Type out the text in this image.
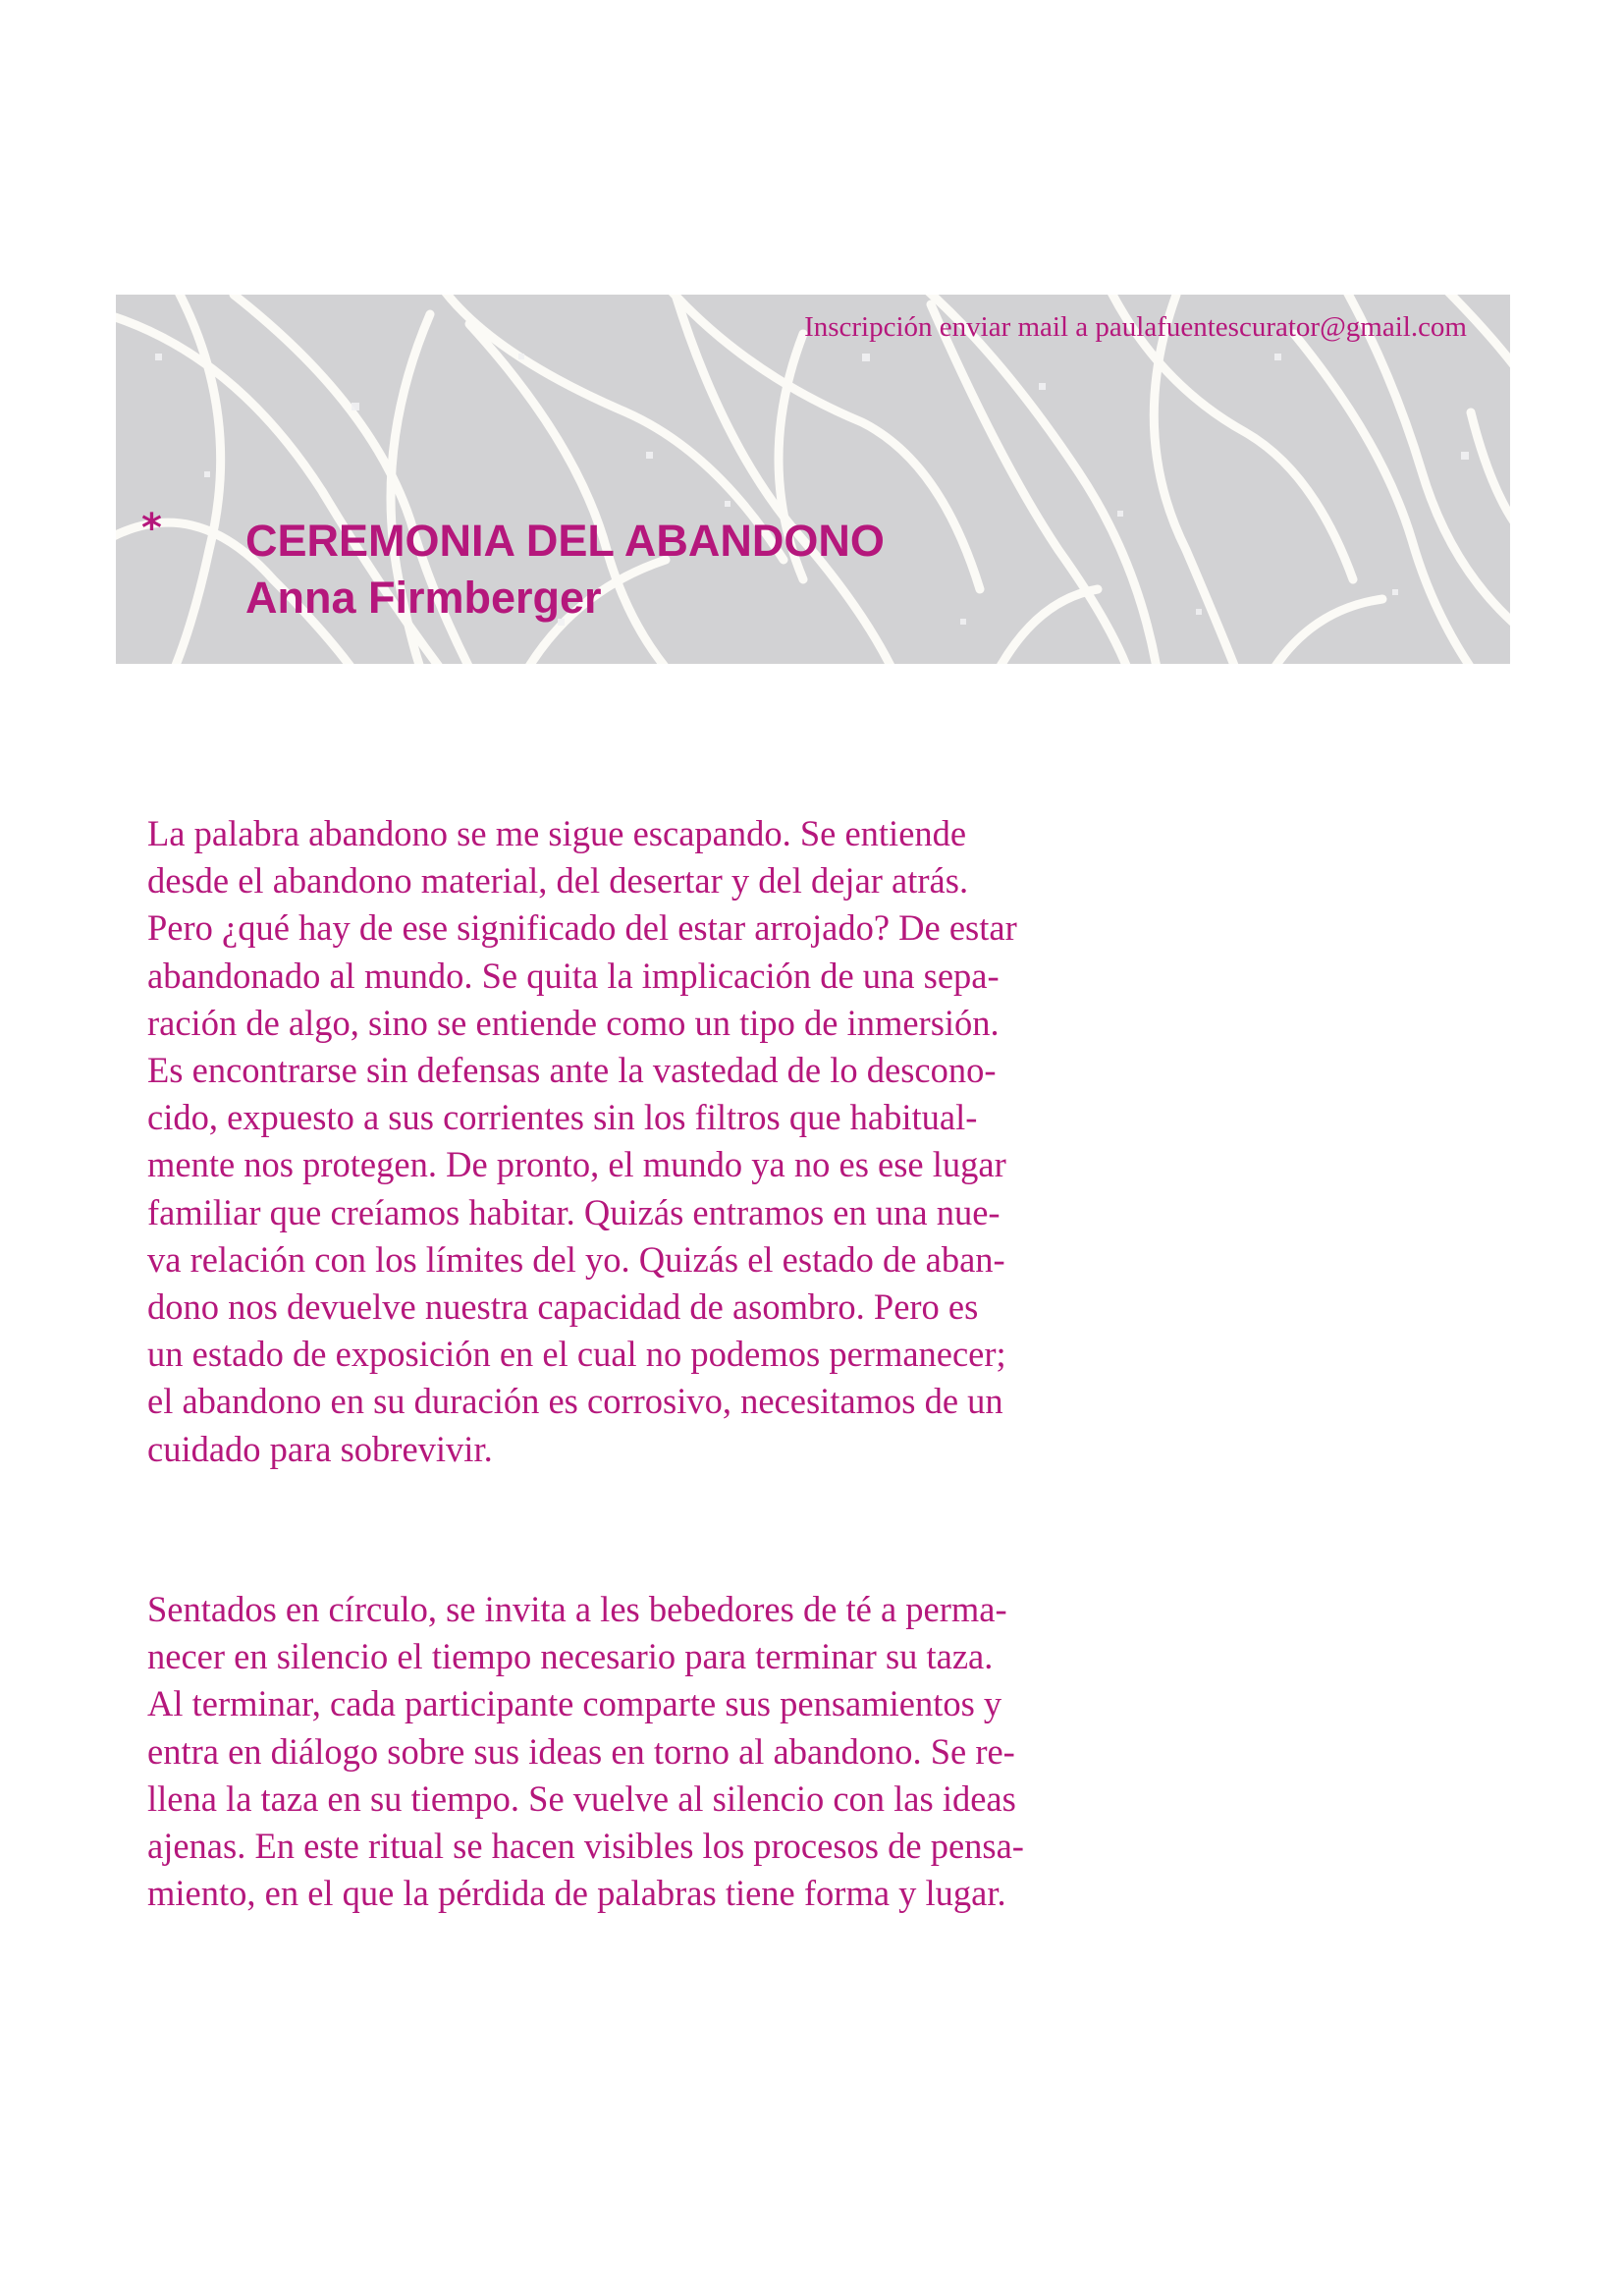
Inscripción enviar mail a paulafuentescurator@gmail.com
* CEREMONIA DEL ABANDONO
Anna Firmberger
La palabra abandono se me sigue escapando. Se entiende
desde el abandono material, del desertar y del dejar atrás.
Pero ¿qué hay de ese significado del estar arrojado? De estar
abandonado al mundo. Se quita la implicación de una sepa-
ración de algo, sino se entiende como un tipo de inmersión.
Es encontrarse sin defensas ante la vastedad de lo descono-
cido, expuesto a sus corrientes sin los filtros que habitual-
mente nos protegen. De pronto, el mundo ya no es ese lugar
familiar que creíamos habitar. Quizás entramos en una nue-
va relación con los límites del yo. Quizás el estado de aban-
dono nos devuelve nuestra capacidad de asombro. Pero es
un estado de exposición en el cual no podemos permanecer;
el abandono en su duración es corrosivo, necesitamos de un
cuidado para sobrevivir.
Sentados en círculo, se invita a les bebedores de té a perma-
necer en silencio el tiempo necesario para terminar su taza.
Al terminar, cada participante comparte sus pensamientos y
entra en diálogo sobre sus ideas en torno al abandono. Se re-
llena la taza en su tiempo. Se vuelve al silencio con las ideas
ajenas. En este ritual se hacen visibles los procesos de pensa-
miento, en el que la pérdida de palabras tiene forma y lugar.
